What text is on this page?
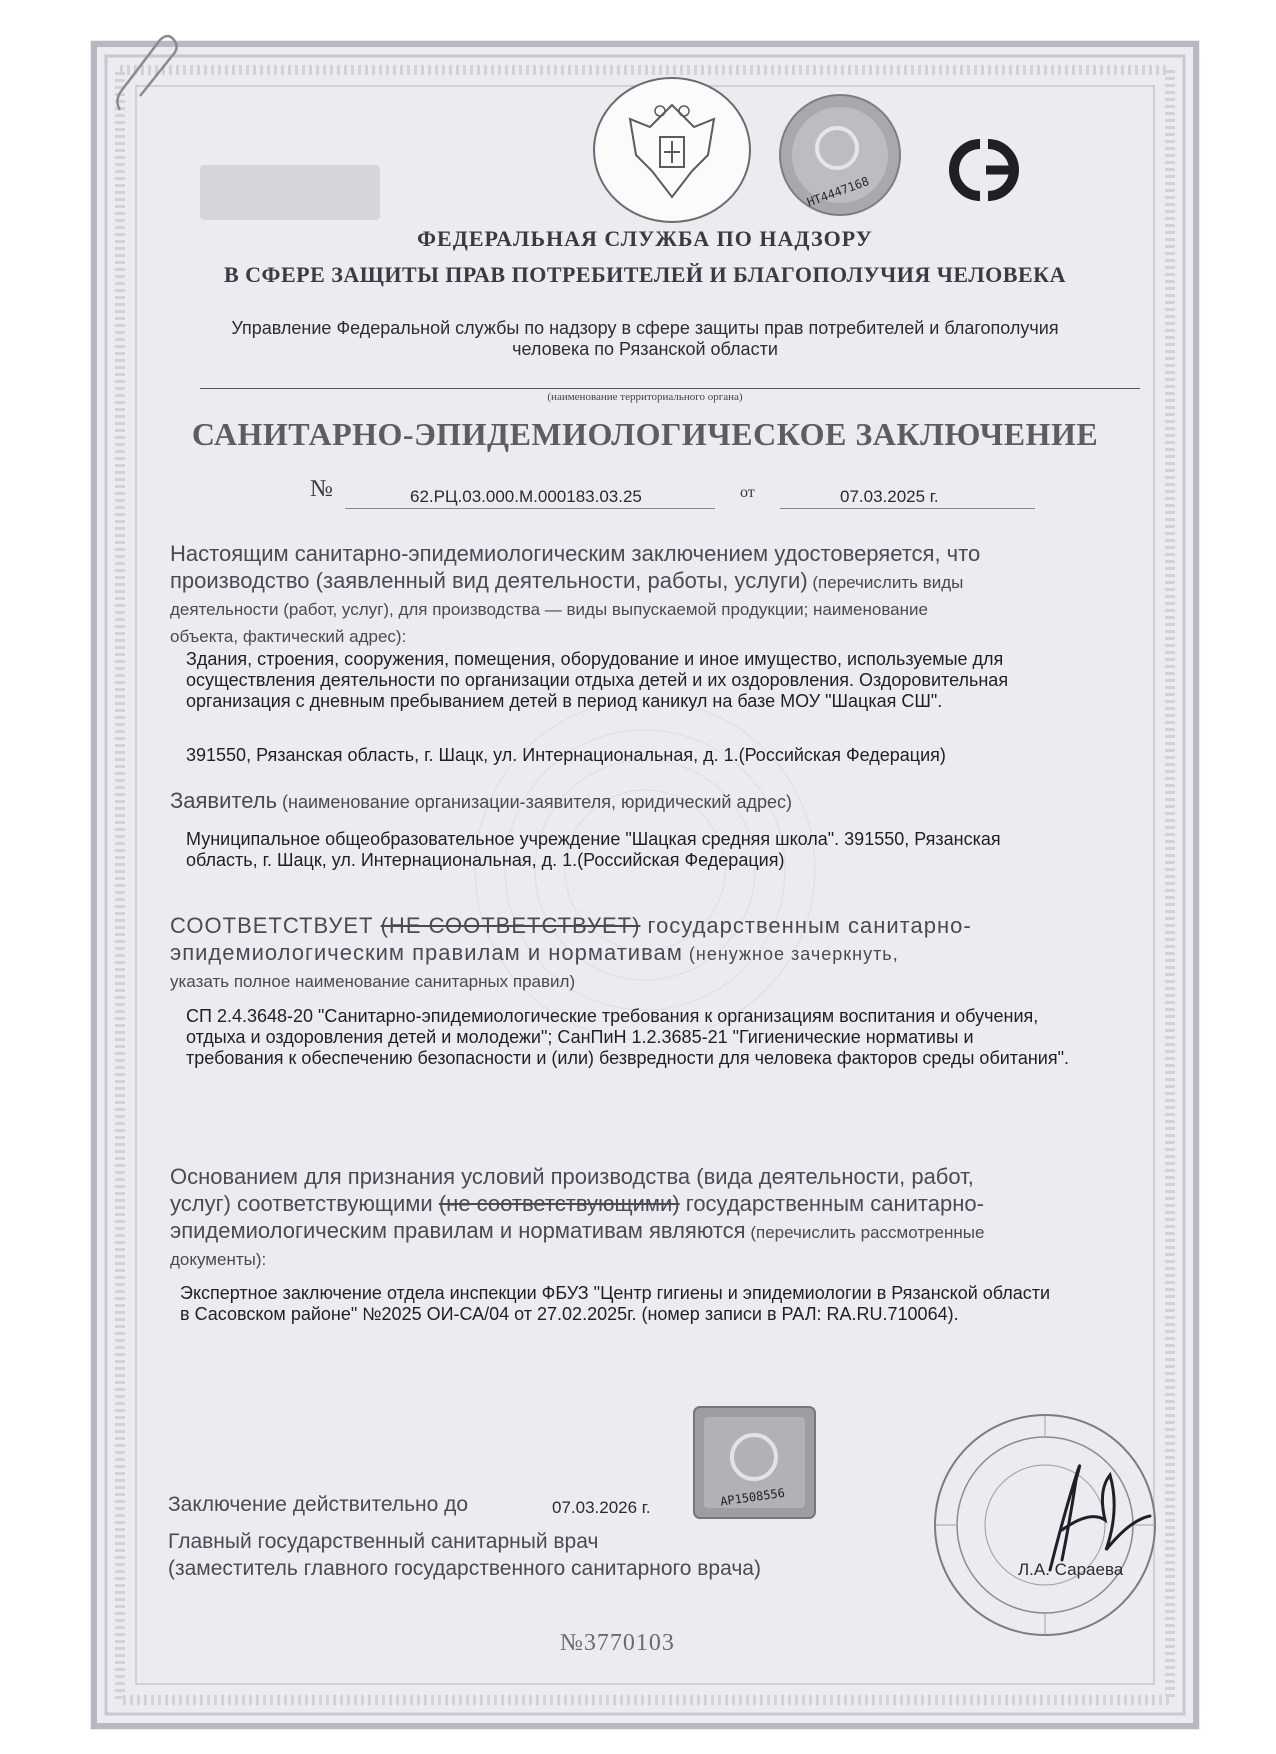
НТ4447168
ФЕДЕРАЛЬНАЯ СЛУЖБА ПО НАДЗОРУ
В СФЕРЕ ЗАЩИТЫ ПРАВ ПОТРЕБИТЕЛЕЙ И БЛАГОПОЛУЧИЯ ЧЕЛОВЕКА
Управление Федеральной службы по надзору в сфере защиты прав потребителей и благополучия
человека по Рязанской области
(наименование территориального органа)
САНИТАРНО-ЭПИДЕМИОЛОГИЧЕСКОЕ ЗАКЛЮЧЕНИЕ
№	62.РЦ.03.000.М.000183.03.25	от	07.03.2025 г.
Настоящим санитарно-эпидемиологическим заключением удостоверяется, что
производство (заявленный вид деятельности, работы, услуги) (перечислить виды
деятельности (работ, услуг), для производства — виды выпускаемой продукции; наименование
объекта, фактический адрес):
Здания, строения, сооружения, помещения, оборудование и иное имущество, используемые для
осуществления деятельности по организации отдыха детей и их оздоровления. Оздоровительная
организация с дневным пребыванием детей в период каникул на базе МОУ "Шацкая СШ".
391550, Рязанская область, г. Шацк, ул. Интернациональная, д. 1.(Российская Федерация)
Заявитель (наименование организации-заявителя, юридический адрес)
Муниципальное общеобразовательное учреждение "Шацкая средняя школа". 391550, Рязанская
область, г. Шацк, ул. Интернациональная, д. 1.(Российская Федерация)
СООТВЕТСТВУЕТ (НЕ СООТВЕТСТВУЕТ) государственным санитарно-
эпидемиологическим правилам и нормативам (ненужное зачеркнуть,
указать полное наименование санитарных правил)
СП 2.4.3648-20 "Санитарно-эпидемиологические требования к организациям воспитания и обучения,
отдыха и оздоровления детей и молодежи"; СанПиН 1.2.3685-21 "Гигиенические нормативы и
требования к обеспечению безопасности и (или) безвредности для человека факторов среды обитания".
Основанием для признания условий производства (вида деятельности, работ,
услуг) соответствующими (не соответствующими) государственным санитарно-
эпидемиологическим правилам и нормативам являются (перечислить рассмотренные
документы):
Экспертное заключение отдела инспекции ФБУЗ "Центр гигиены и эпидемиологии в Рязанской области
в Сасовском районе" №2025 ОИ-СА/04 от 27.02.2025г. (номер записи в РАЛ: RA.RU.710064).
АР1508556
Заключение действительно до	07.03.2026 г.
Главный государственный санитарный врач
(заместитель главного государственного санитарного врача)	Л.А. Сараева
№3770103
